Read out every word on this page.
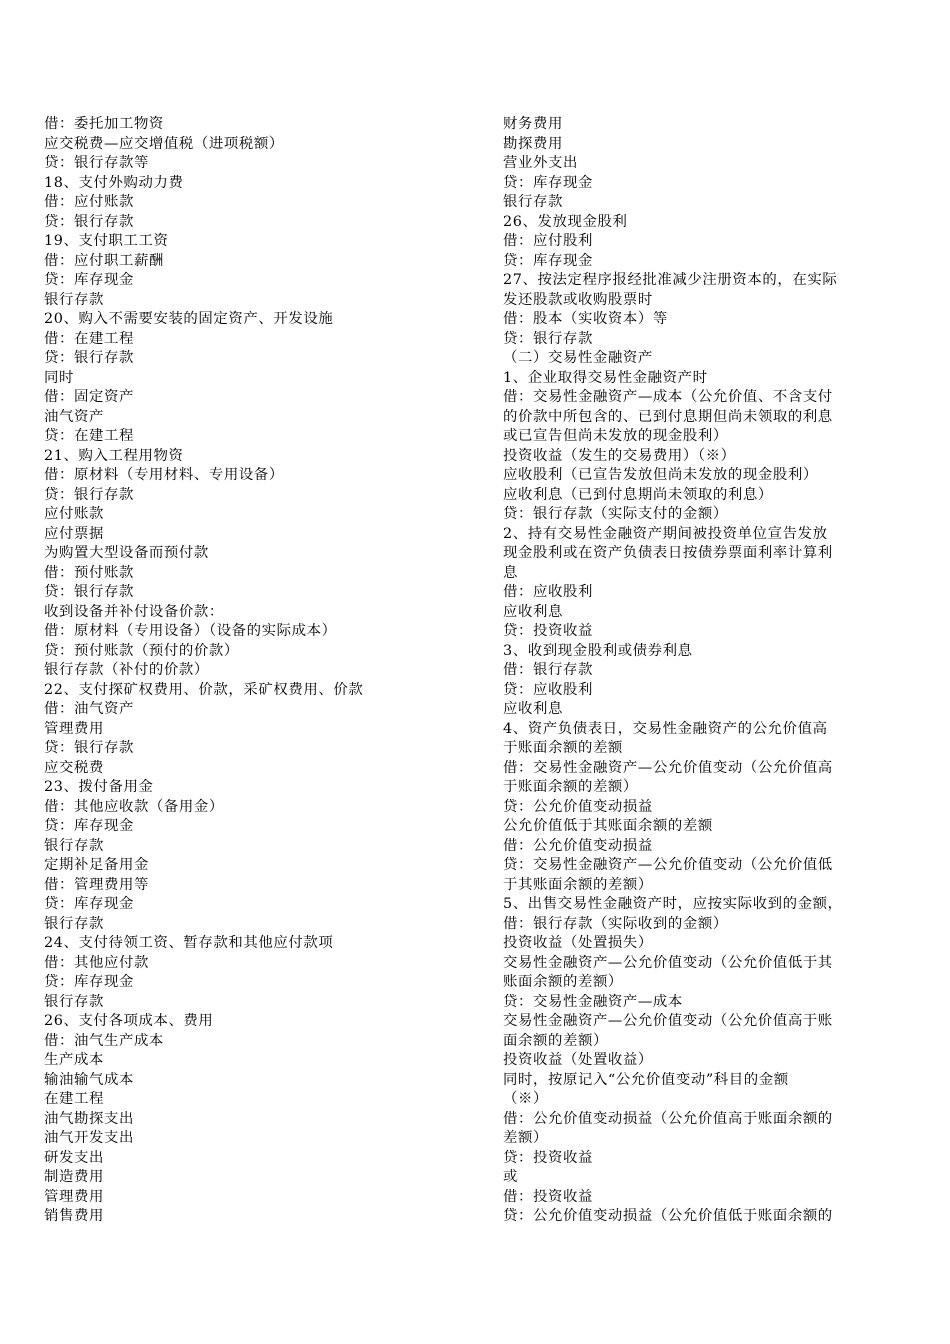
借：委托加工物资
应交税费—应交增值税（进项税额）
贷：银行存款等
18、支付外购动力费
借：应付账款
贷：银行存款
19、支付职工工资
借：应付职工薪酬
贷：库存现金
银行存款
20、购入不需要安装的固定资产、开发设施
借：在建工程
贷：银行存款
同时
借：固定资产
油气资产
贷：在建工程
21、购入工程用物资
借：原材料（专用材料、专用设备）
贷：银行存款
应付账款
应付票据
为购置大型设备而预付款
借：预付账款
贷：银行存款
收到设备并补付设备价款：
借：原材料（专用设备）（设备的实际成本）
贷：预付账款（预付的价款）
银行存款（补付的价款）
22、支付探矿权费用、价款，采矿权费用、价款
借：油气资产
管理费用
贷：银行存款
应交税费
23、拨付备用金
借：其他应收款（备用金）
贷：库存现金
银行存款
定期补足备用金
借：管理费用等
贷：库存现金
银行存款
24、支付待领工资、暂存款和其他应付款项
借：其他应付款
贷：库存现金
银行存款
26、支付各项成本、费用
借：油气生产成本
生产成本
输油输气成本
在建工程
油气勘探支出
油气开发支出
研发支出
制造费用
管理费用
销售费用
财务费用
勘探费用
营业外支出
贷：库存现金
银行存款
26、发放现金股利
借：应付股利
贷：库存现金
27、按法定程序报经批准减少注册资本的，在实际
发还股款或收购股票时
借：股本（实收资本）等
贷：银行存款
（二）交易性金融资产
1、企业取得交易性金融资产时
借：交易性金融资产—成本（公允价值、不含支付
的价款中所包含的、已到付息期但尚未领取的利息
或已宣告但尚未发放的现金股利）
投资收益（发生的交易费用）（※）
应收股利（已宣告发放但尚未发放的现金股利）
应收利息（已到付息期尚未领取的利息）
贷：银行存款（实际支付的金额）
2、持有交易性金融资产期间被投资单位宣告发放
现金股利或在资产负债表日按债券票面利率计算利
息
借：应收股利
应收利息
贷：投资收益
3、收到现金股利或债券利息
借：银行存款
贷：应收股利
应收利息
4、资产负债表日，交易性金融资产的公允价值高
于账面余额的差额
借：交易性金融资产—公允价值变动（公允价值高
于账面余额的差额）
贷：公允价值变动损益
公允价值低于其账面余额的差额
借：公允价值变动损益
贷：交易性金融资产—公允价值变动（公允价值低
于其账面余额的差额）
5、出售交易性金融资产时，应按实际收到的金额，
借：银行存款（实际收到的金额）
投资收益（处置损失）
交易性金融资产—公允价值变动（公允价值低于其
账面余额的差额）
贷：交易性金融资产—成本
交易性金融资产—公允价值变动（公允价值高于账
面余额的差额）
投资收益（处置收益）
同时，按原记入“公允价值变动”科目的金额
（※）
借：公允价值变动损益（公允价值高于账面余额的
差额）
贷：投资收益
或
借：投资收益
贷：公允价值变动损益（公允价值低于账面余额的
